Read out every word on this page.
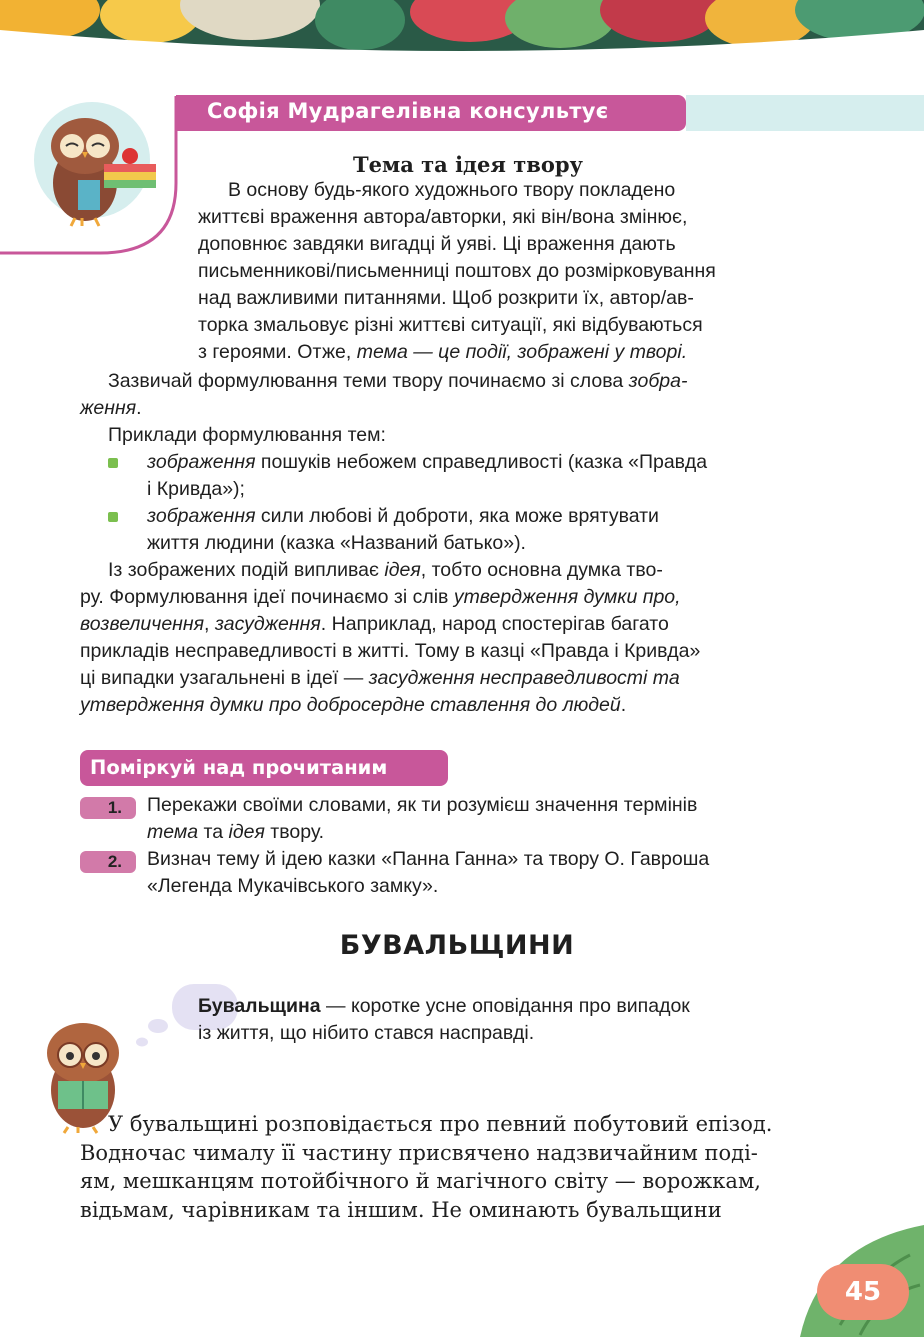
Софія Мудрагелівна консультує
Тема та ідея твору
В основу будь-якого художнього твору покладено
життєві враження автора/авторки, які він/вона змінює,
доповнює завдяки вигадці й уяві. Ці враження дають
письменникові/письменниці поштовх до розмірковування
над важливими питаннями. Щоб розкрити їх, автор/ав-
торка змальовує різні життєві ситуації, які відбуваються
з героями. Отже, тема — це події, зображені у творі.
Зазвичай формулювання теми твору починаємо зі слова зобра-
ження.
Приклади формулювання тем:
зображення пошуків небожем справедливості (казка «Правда
і Кривда»);
зображення сили любові й доброти, яка може врятувати
життя людини (казка «Названий батько»).
Із зображених подій випливає ідея, тобто основна думка тво-
ру. Формулювання ідеї починаємо зі слів утвердження думки про,
возвеличення, засудження. Наприклад, народ спостерігав багато
прикладів несправедливості в житті. Тому в казці «Правда і Кривда»
ці випадки узагальнені в ідеї — засудження несправедливості та
утвердження думки про добросердне ставлення до людей.
Поміркуй над прочитаним
1.	Перекажи своїми словами, як ти розумієш значення термінів
тема та ідея твору.
2.	Визнач тему й ідею казки «Панна Ганна» та твору О. Гавроша
«Легенда Мукачівського замку».
БУВАЛЬЩИНИ
Бувальщина — коротке усне оповідання про випадок
із життя, що нібито стався насправді.
У бувальщині розповідається про певний побутовий епізод.
Водночас чималу її частину присвячено надзвичайним поді-
ям, мешканцям потойбічного й магічного світу — ворожкам,
відьмам, чарівникам та іншим. Не оминають бувальщини
45
